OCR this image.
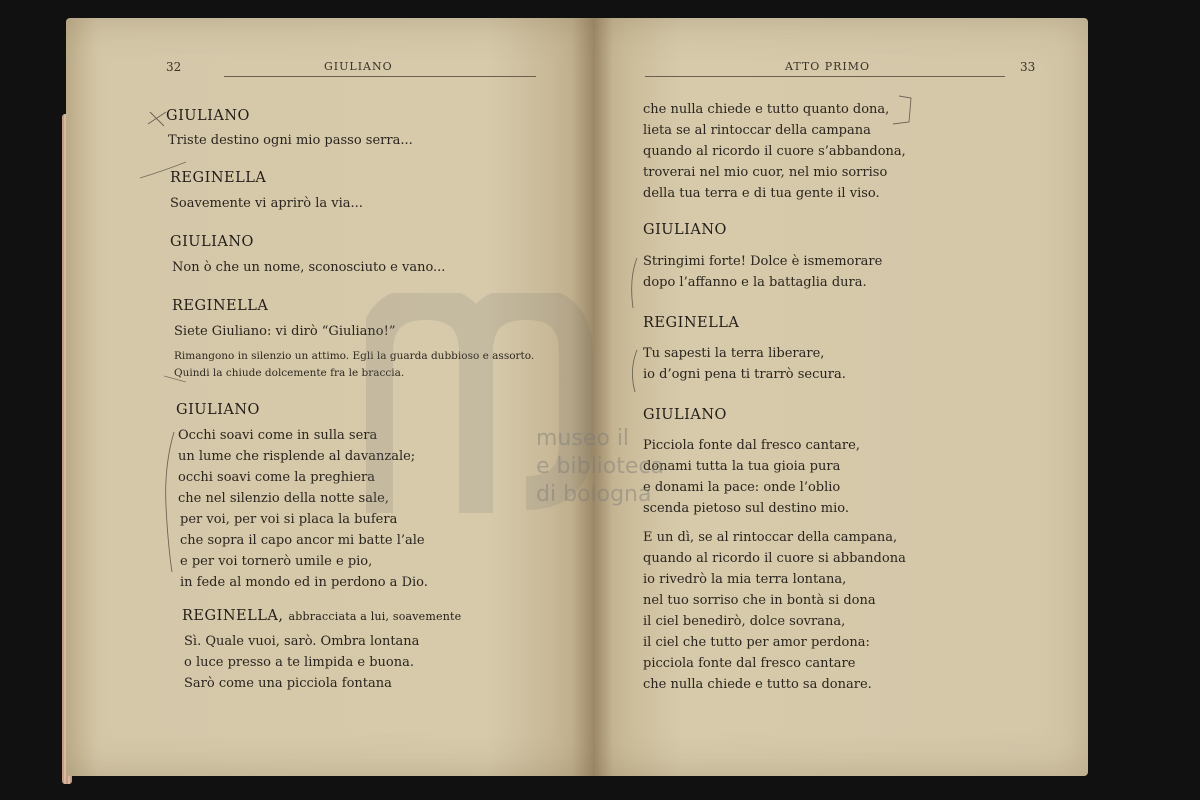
32	GIULIANO
GIULIANO
Triste destino ogni mio passo serra...
REGINELLA
Soavemente vi aprirò la via...
GIULIANO
Non ò che un nome, sconosciuto e vano...
REGINELLA
Siete Giuliano: vi dirò “Giuliano!”
Rimangono in silenzio un attimo. Egli la guarda dubbioso e assorto.
Quindi la chiude dolcemente fra le braccia.
GIULIANO
Occhi soavi come in sulla sera
un lume che risplende al davanzale;
occhi soavi come la preghiera
che nel silenzio della notte sale,
per voi, per voi si placa la bufera
che sopra il capo ancor mi batte l’ale
e per voi tornerò umile e pio,
in fede al mondo ed in perdono a Dio.
REGINELLA, abbracciata a lui, soavemente
Sì. Quale vuoi, sarò. Ombra lontana
o luce presso a te limpida e buona.
Sarò come una picciola fontana
ATTO PRIMO	33
che nulla chiede e tutto quanto dona,
lieta se al rintoccar della campana
quando al ricordo il cuore s’abbandona,
troverai nel mio cuor, nel mio sorriso
della tua terra e di tua gente il viso.
GIULIANO
Stringimi forte! Dolce è ismemorare
dopo l’affanno e la battaglia dura.
REGINELLA
Tu sapesti la terra liberare,
io d’ogni pena ti trarrò secura.
GIULIANO
Picciola fonte dal fresco cantare,
donami tutta la tua gioia pura
e donami la pace: onde l’oblio
scenda pietoso sul destino mio.
E un dì, se al rintoccar della campana,
quando al ricordo il cuore si abbandona
io rivedrò la mia terra lontana,
nel tuo sorriso che in bontà si dona
il ciel benedirò, dolce sovrana,
il ciel che tutto per amor perdona:
picciola fonte dal fresco cantare
che nulla chiede e tutto sa donare.
museo il
e biblioteca
di bologna
